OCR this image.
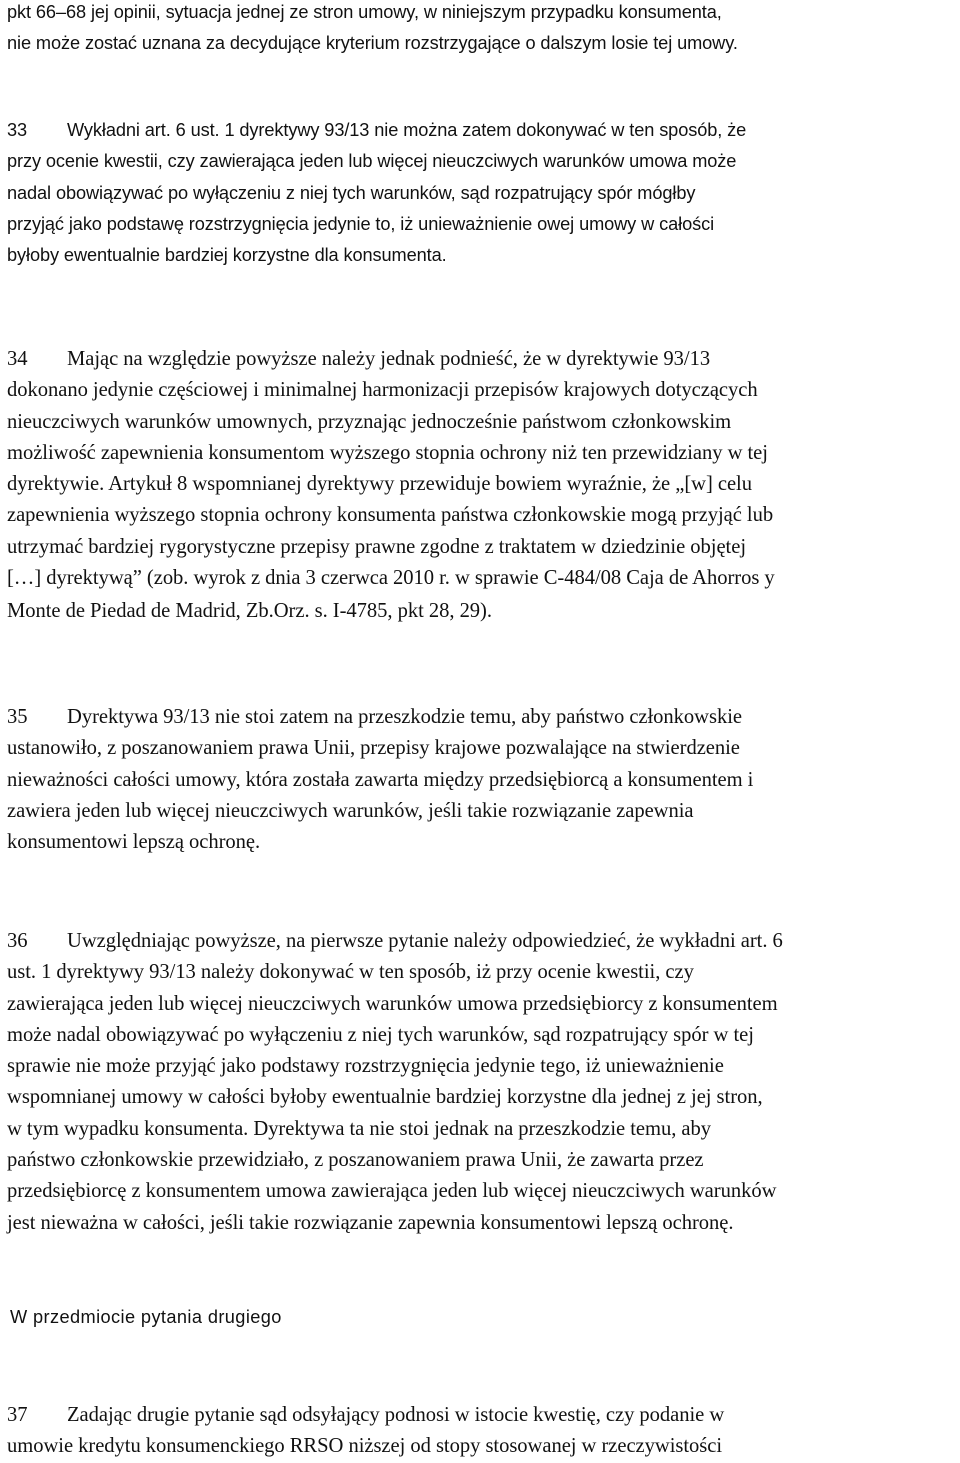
pkt 66–68 jej opinii, sytuacja jednej ze stron umowy, w niniejszym przypadku konsumenta,
nie może zostać uznana za decydujące kryterium rozstrzygające o dalszym losie tej umowy.
33 Wykładni art. 6 ust. 1 dyrektywy 93/13 nie można zatem dokonywać w ten sposób, że
przy ocenie kwestii, czy zawierająca jeden lub więcej nieuczciwych warunków umowa może
nadal obowiązywać po wyłączeniu z niej tych warunków, sąd rozpatrujący spór mógłby
przyjąć jako podstawę rozstrzygnięcia jedynie to, iż unieważnienie owej umowy w całości
byłoby ewentualnie bardziej korzystne dla konsumenta.
34 Mając na względzie powyższe należy jednak podnieść, że w dyrektywie 93/13
dokonano jedynie częściowej i minimalnej harmonizacji przepisów krajowych dotyczących
nieuczciwych warunków umownych, przyznając jednocześnie państwom członkowskim
możliwość zapewnienia konsumentom wyższego stopnia ochrony niż ten przewidziany w tej
dyrektywie. Artykuł 8 wspomnianej dyrektywy przewiduje bowiem wyraźnie, że „[w] celu
zapewnienia wyższego stopnia ochrony konsumenta państwa członkowskie mogą przyjąć lub
utrzymać bardziej rygorystyczne przepisy prawne zgodne z traktatem w dziedzinie objętej
[…] dyrektywą” (zob. wyrok z dnia 3 czerwca 2010 r. w sprawie C‑484/08 Caja de Ahorros y
Monte de Piedad de Madrid, Zb.Orz. s. I‑4785, pkt 28, 29).
35 Dyrektywa 93/13 nie stoi zatem na przeszkodzie temu, aby państwo członkowskie
ustanowiło, z poszanowaniem prawa Unii, przepisy krajowe pozwalające na stwierdzenie
nieważności całości umowy, która została zawarta między przedsiębiorcą a konsumentem i
zawiera jeden lub więcej nieuczciwych warunków, jeśli takie rozwiązanie zapewnia
konsumentowi lepszą ochronę.
36 Uwzględniając powyższe, na pierwsze pytanie należy odpowiedzieć, że wykładni art. 6
ust. 1 dyrektywy 93/13 należy dokonywać w ten sposób, iż przy ocenie kwestii, czy
zawierająca jeden lub więcej nieuczciwych warunków umowa przedsiębiorcy z konsumentem
może nadal obowiązywać po wyłączeniu z niej tych warunków, sąd rozpatrujący spór w tej
sprawie nie może przyjąć jako podstawy rozstrzygnięcia jedynie tego, iż unieważnienie
wspomnianej umowy w całości byłoby ewentualnie bardziej korzystne dla jednej z jej stron,
w tym wypadku konsumenta. Dyrektywa ta nie stoi jednak na przeszkodzie temu, aby
państwo członkowskie przewidziało, z poszanowaniem prawa Unii, że zawarta przez
przedsiębiorcę z konsumentem umowa zawierająca jeden lub więcej nieuczciwych warunków
jest nieważna w całości, jeśli takie rozwiązanie zapewnia konsumentowi lepszą ochronę.
W przedmiocie pytania drugiego
37 Zadając drugie pytanie sąd odsyłający podnosi w istocie kwestię, czy podanie w
umowie kredytu konsumenckiego RRSO niższej od stopy stosowanej w rzeczywistości
